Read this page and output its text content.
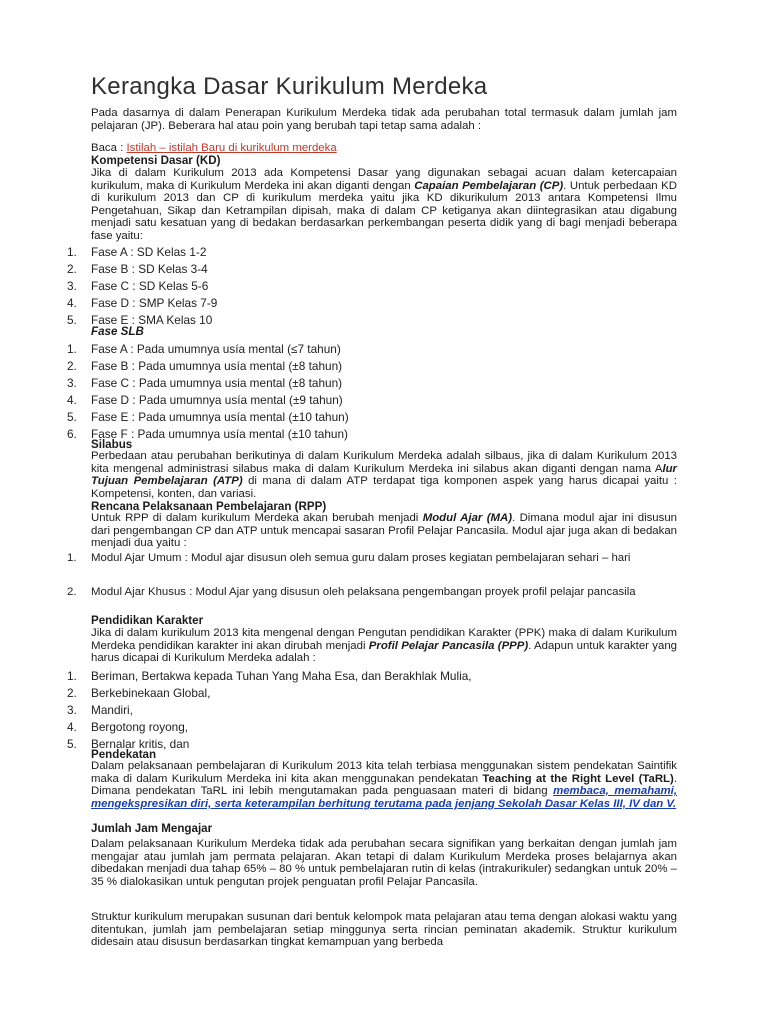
Kerangka Dasar Kurikulum Merdeka

Pada dasarnya di dalam Penerapan Kurikulum Merdeka tidak ada perubahan total termasuk dalam jumlah jam pelajaran (JP). Beberara hal atau poin yang berubah tapi tetap sama adalah :

Baca : Istilah – istilah Baru di kurikulum merdeka

Kompetensi Dasar (KD)

Jika di dalam Kurikulum 2013 ada Kompetensi Dasar yang digunakan sebagai acuan dalam ketercapaian kurikulum, maka di Kurikulum Merdeka ini akan diganti dengan Capaian Pembelajaran (CP). Untuk perbedaan KD di kurikulum 2013 dan CP di kurikulum merdeka yaitu jika KD dikurikulum 2013 antara Kompetensi Ilmu Pengetahuan, Sikap dan Ketrampilan dipisah, maka di dalam CP ketiganya akan diintegrasikan atau digabung menjadi satu kesatuan yang di bedakan berdasarkan perkembangan peserta didik yang di bagi menjadi beberapa fase yaitu:

1. Fase A : SD Kelas 1-2
2. Fase B : SD Kelas 3-4
3. Fase C : SD Kelas 5-6
4. Fase D : SMP Kelas 7-9
5. Fase E : SMA Kelas 10

Fase SLB

1. Fase A : Pada umumnya usía mental (≤7 tahun)
2. Fase B : Pada umumnya usía mental (±8 tahun)
3. Fase C : Pada umumnya usia mental (±8 tahun)
4. Fase D : Pada umumnya usía mental (±9 tahun)
5. Fase E : Pada umumnya usía mental (±10 tahun)
6. Fase F : Pada umumnya usía mental (±10 tahun)

Silabus

Perbedaan atau perubahan berikutinya di dalam Kurikulum Merdeka adalah silbaus, jika di dalam Kurikulum 2013 kita mengenal administrasi silabus maka di dalam Kurikulum Merdeka ini silabus akan diganti dengan nama Alur Tujuan Pembelajaran (ATP) di mana di dalam ATP terdapat tiga komponen aspek yang harus dicapai yaitu : Kompetensi, konten, dan variasi.

Rencana Pelaksanaan Pembelajaran (RPP)

Untuk RPP di dalam kurikulum Merdeka akan berubah menjadi Modul Ajar (MA). Dimana modul ajar ini disusun dari pengembangan CP dan ATP untuk mencapai sasaran Profil Pelajar Pancasila. Modul ajar juga akan di bedakan menjadi dua yaitu :

1. Modul Ajar Umum : Modul ajar disusun oleh semua guru dalam proses kegiatan pembelajaran sehari – hari
2. Modul Ajar Khusus : Modul Ajar yang disusun oleh pelaksana pengembangan proyek profil pelajar pancasila

Pendidikan Karakter

Jika di dalam kurikulum 2013 kita mengenal dengan Pengutan pendidikan Karakter (PPK) maka di dalam Kurikulum Merdeka pendidikan karakter ini akan dirubah menjadi Profil Pelajar Pancasila (PPP). Adapun untuk karakter yang harus dicapai di Kurikulum Merdeka adalah :

1. Beriman, Bertakwa kepada Tuhan Yang Maha Esa, dan Berakhlak Mulia,
2. Berkebinekaan Global,
3. Mandiri,
4. Bergotong royong,
5. Bernalar kritis, dan

Pendekatan

Dalam pelaksanaan pembelajaran di Kurikulum 2013 kita telah terbiasa menggunakan sistem pendekatan Saintifik maka di dalam Kurikulum Merdeka ini kita akan menggunakan pendekatan Teaching at the Right Level (TaRL). Dimana pendekatan TaRL ini lebih mengutamakan pada penguasaan materi di bidang membaca, memahami, mengekspresikan diri, serta keterampilan berhitung terutama pada jenjang Sekolah Dasar Kelas III, IV dan V.

Jumlah Jam Mengajar

Dalam pelaksanaan Kurikulum Merdeka tidak ada perubahan secara signifikan yang berkaitan dengan jumlah jam mengajar atau jumlah jam permata pelajaran. Akan tetapi di dalam Kurikulum Merdeka proses belajarnya akan dibedakan menjadi dua tahap 65% – 80 % untuk pembelajaran rutin di kelas (intrakurikuler) sedangkan untuk 20% – 35 % dialokasikan untuk pengutan projek penguatan profil Pelajar Pancasila.

Struktur kurikulum merupakan susunan dari bentuk kelompok mata pelajaran atau tema dengan alokasi waktu yang ditentukan, jumlah jam pembelajaran setiap minggunya serta rincian peminatan akademik. Struktur kurikulum didesain atau disusun berdasarkan tingkat kemampuan yang berbeda
